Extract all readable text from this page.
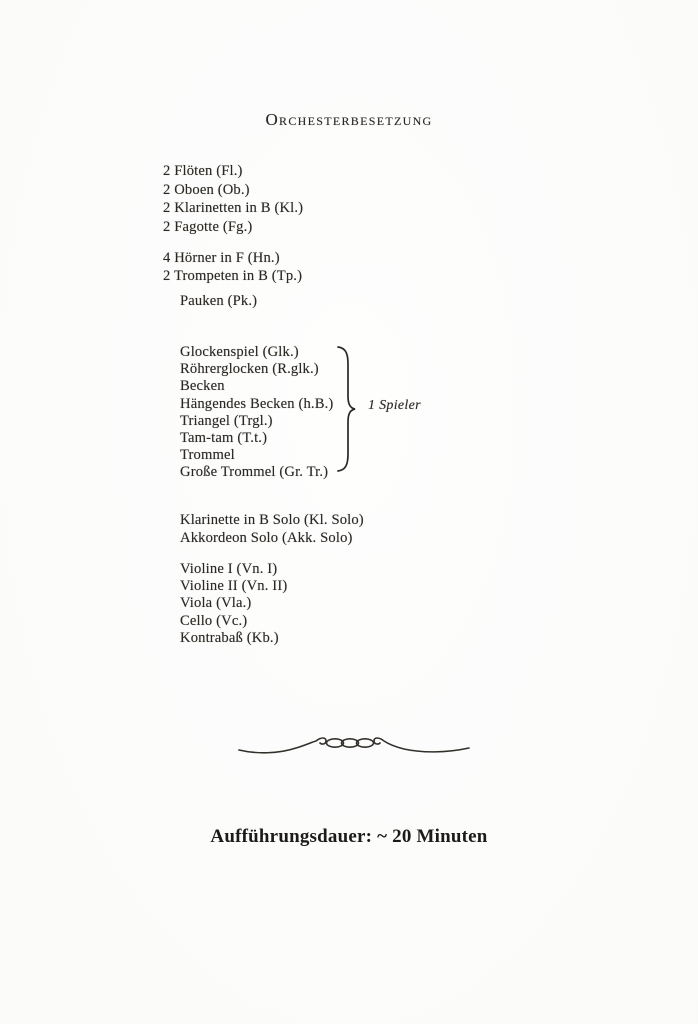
Orchesterbesetzung
2 Flöten (Fl.)
2 Oboen (Ob.)
2 Klarinetten in B (Kl.)
2 Fagotte (Fg.)
4 Hörner in F (Hn.)
2 Trompeten in B (Tp.)
Pauken (Pk.)
Glockenspiel (Glk.)
Röhrerglocken (R.glk.)
Becken
Hängendes Becken (h.B.)
Triangel (Trgl.)
Tam-tam (T.t.)
Trommel
Große Trommel (Gr. Tr.)
1 Spieler
Klarinette in B Solo (Kl. Solo)
Akkordeon Solo (Akk. Solo)
Violine I (Vn. I)
Violine II (Vn. II)
Viola (Vla.)
Cello (Vc.)
Kontrabaß (Kb.)
Aufführungsdauer: ~ 20 Minuten
